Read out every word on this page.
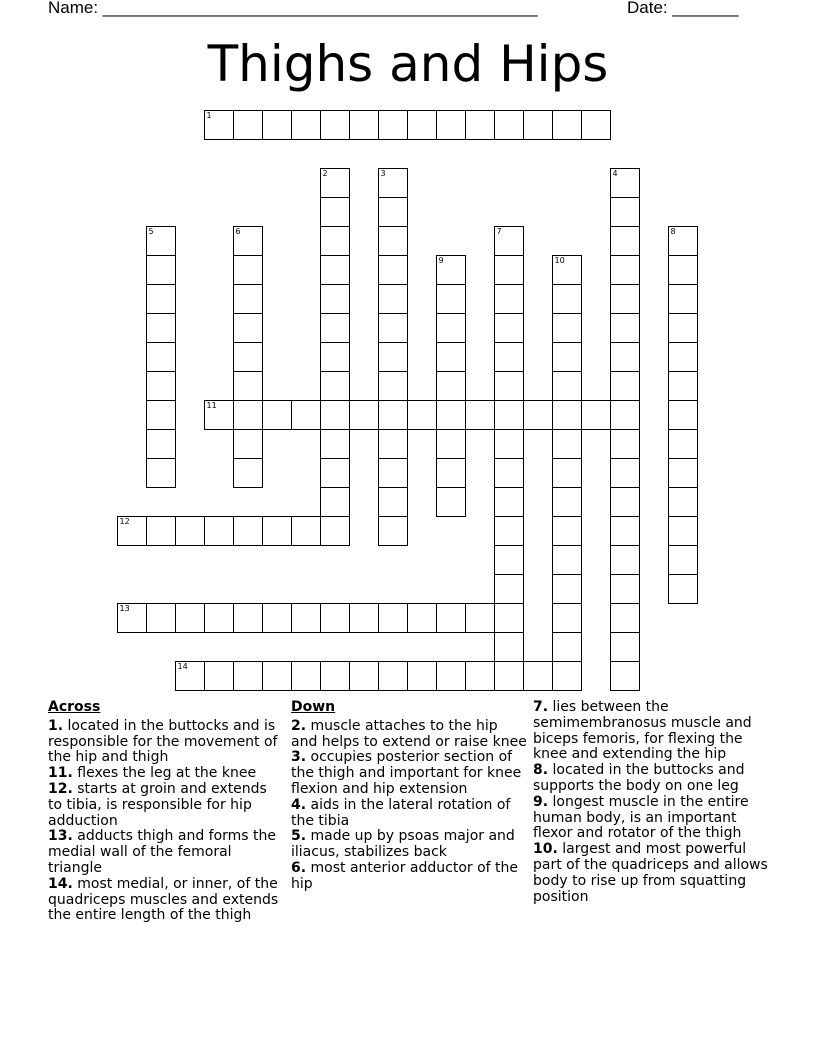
Name: ______________________________________________	Date: _______
Thighs and Hips
1
2	3	4
5	6	7	8
9	10
11
12
13
14
Across
1. located in the buttocks and is responsible for the movement of the hip and thigh
11. flexes the leg at the knee
12. starts at groin and extends to tibia, is responsible for hip adduction
13. adducts thigh and forms the medial wall of the femoral triangle
14. most medial, or inner, of the quadriceps muscles and extends the entire length of the thigh
Down
2. muscle attaches to the hip and helps to extend or raise knee
3. occupies posterior section of the thigh and important for knee flexion and hip extension
4. aids in the lateral rotation of the tibia
5. made up by psoas major and iliacus, stabilizes back
6. most anterior adductor of the hip
7. lies between the semimembranosus muscle and biceps femoris, for flexing the knee and extending the hip
8. located in the buttocks and supports the body on one leg
9. longest muscle in the entire human body, is an important flexor and rotator of the thigh
10. largest and most powerful part of the quadriceps and allows body to rise up from squatting position
